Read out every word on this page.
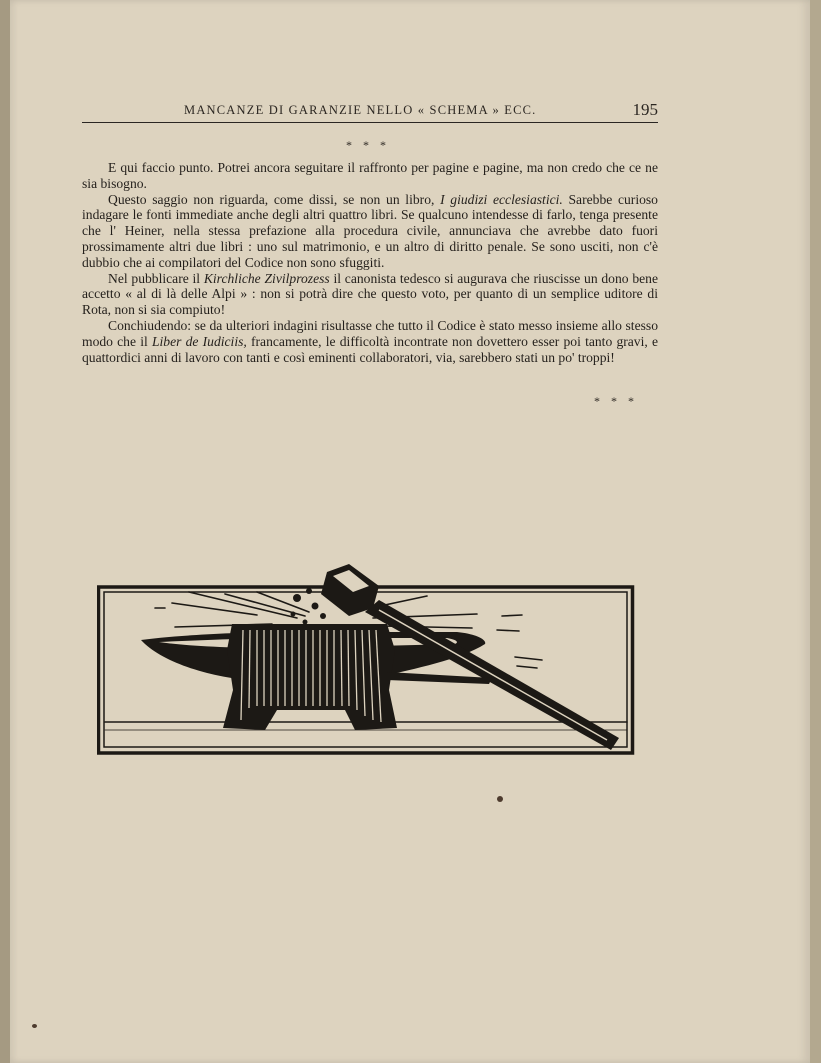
MANCANZE DI GARANZIE NELLO « SCHEMA » ECC.	195
* * *

E qui faccio punto. Potrei ancora seguitare il raffronto per pagine e pagine, ma non credo che ce ne sia bisogno.

Questo saggio non riguarda, come dissi, se non un libro, I giudizi ecclesiastici. Sarebbe curioso indagare le fonti immediate anche degli altri quattro libri. Se qualcuno intendesse di farlo, tenga presente che l' Heiner, nella stessa prefazione alla procedura civile, annunciava che avrebbe dato fuori prossimamente altri due libri : uno sul matrimonio, e un altro di diritto penale. Se sono usciti, non c'è dubbio che ai compilatori del Codice non sono sfuggiti.

Nel pubblicare il Kirchliche Zivilprozess il canonista tedesco si augurava che riuscisse un dono bene accetto « al di là delle Alpi » : non si potrà dire che questo voto, per quanto di un semplice uditore di Rota, non si sia compiuto!

Conchiudendo: se da ulteriori indagini risultasse che tutto il Codice è stato messo insieme allo stesso modo che il Liber de Iudiciis, francamente, le difficoltà incontrate non dovettero esser poi tanto gravi, e quattordici anni di lavoro con tanti e così eminenti collaboratori, via, sarebbero stati un po' troppi!

* * *
